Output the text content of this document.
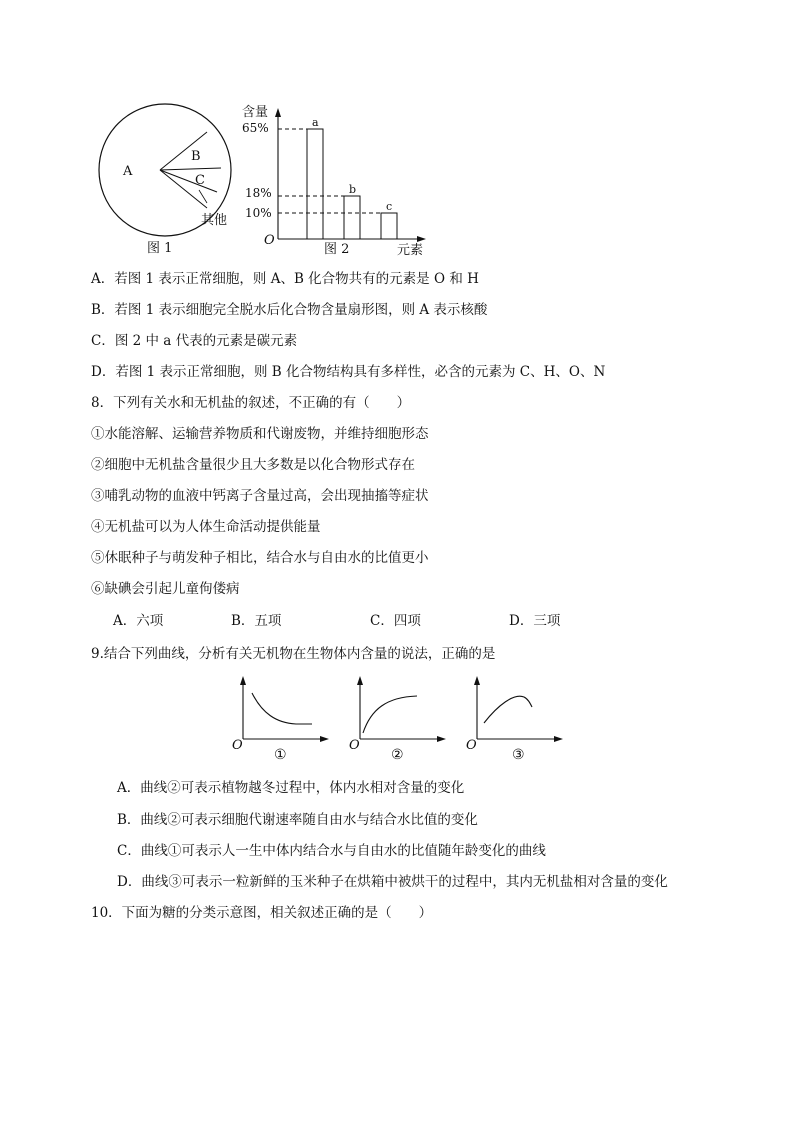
A
B
C
其他
图 1
含量
65%
18%
10%
O
图 2	元素
a
b
c
A．若图 1 表示正常细胞，则 A、B 化合物共有的元素是 O 和 H
B．若图 1 表示细胞完全脱水后化合物含量扇形图，则 A 表示核酸
C．图 2 中 a 代表的元素是碳元素
D．若图 1 表示正常细胞，则 B 化合物结构具有多样性，必含的元素为 C、H、O、N
8．下列有关水和无机盐的叙述，不正确的有（　　）
①水能溶解、运输营养物质和代谢废物，并维持细胞形态
②细胞中无机盐含量很少且大多数是以化合物形式存在
③哺乳动物的血液中钙离子含量过高，会出现抽搐等症状
④无机盐可以为人体生命活动提供能量
⑤休眠种子与萌发种子相比，结合水与自由水的比值更小
⑥缺碘会引起儿童佝偻病
A．六项	B．五项	C．四项	D．三项
9.结合下列曲线，分析有关无机物在生物体内含量的说法，正确的是
O
①
O
②
O
③
A．曲线②可表示植物越冬过程中，体内水相对含量的变化
B．曲线②可表示细胞代谢速率随自由水与结合水比值的变化
C．曲线①可表示人一生中体内结合水与自由水的比值随年龄变化的曲线
D．曲线③可表示一粒新鲜的玉米种子在烘箱中被烘干的过程中，其内无机盐相对含量的变化
10．下面为糖的分类示意图，相关叙述正确的是（　　）
